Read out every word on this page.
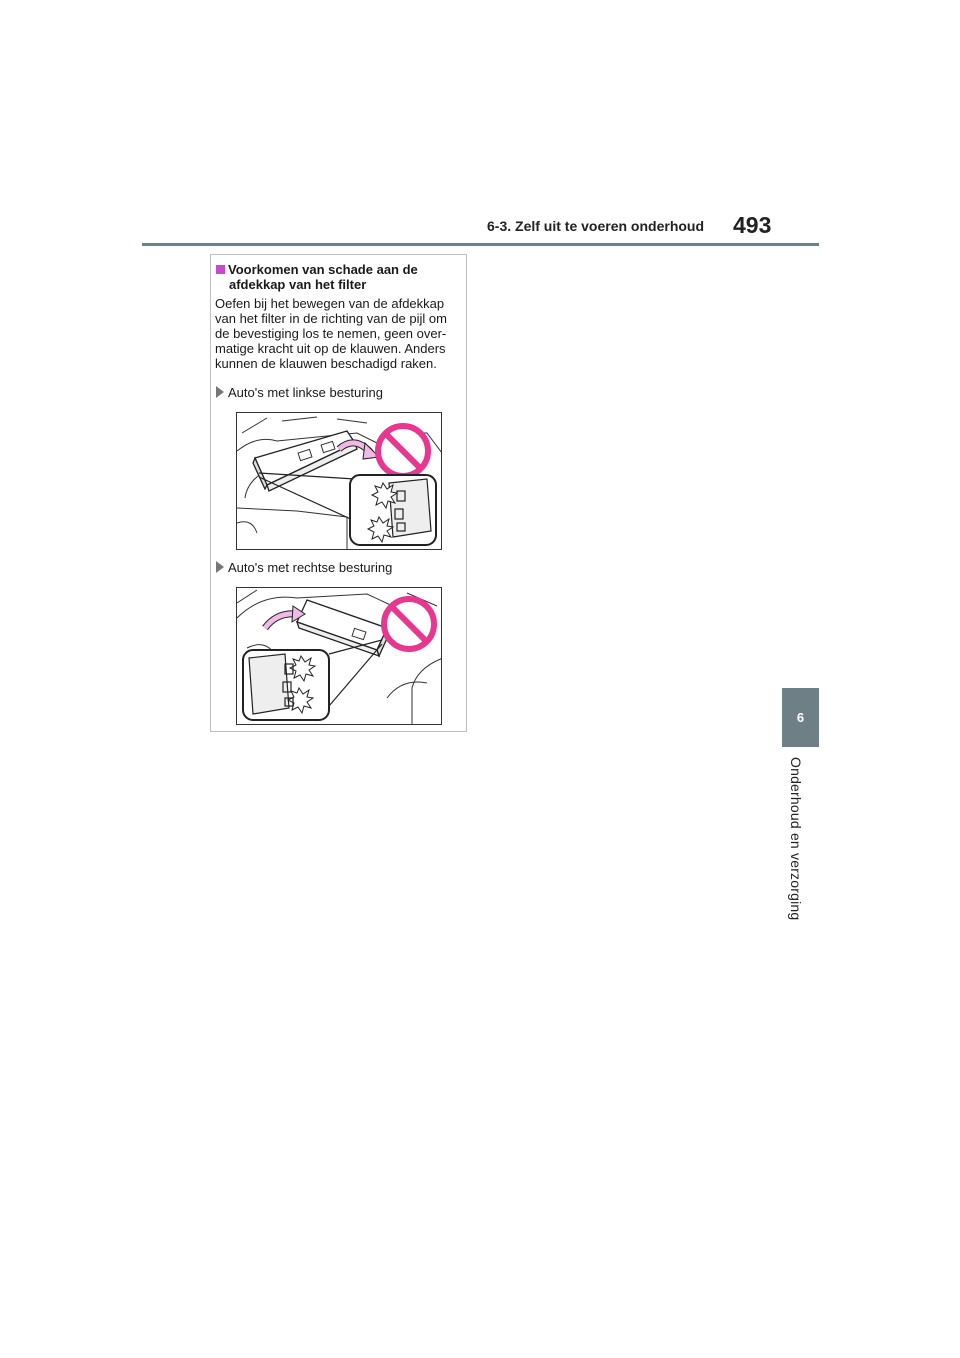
6-3. Zelf uit te voeren onderhoud 493
6
Onderhoud en verzorging
Voorkomen van schade aan de
afdekkap van het filter
Oefen bij het bewegen van de afdekkap
van het filter in de richting van de pijl om
de bevestiging los te nemen, geen over-
matige kracht uit op de klauwen. Anders
kunnen de klauwen beschadigd raken.
Auto's met linkse besturing
Auto's met rechtse besturing
